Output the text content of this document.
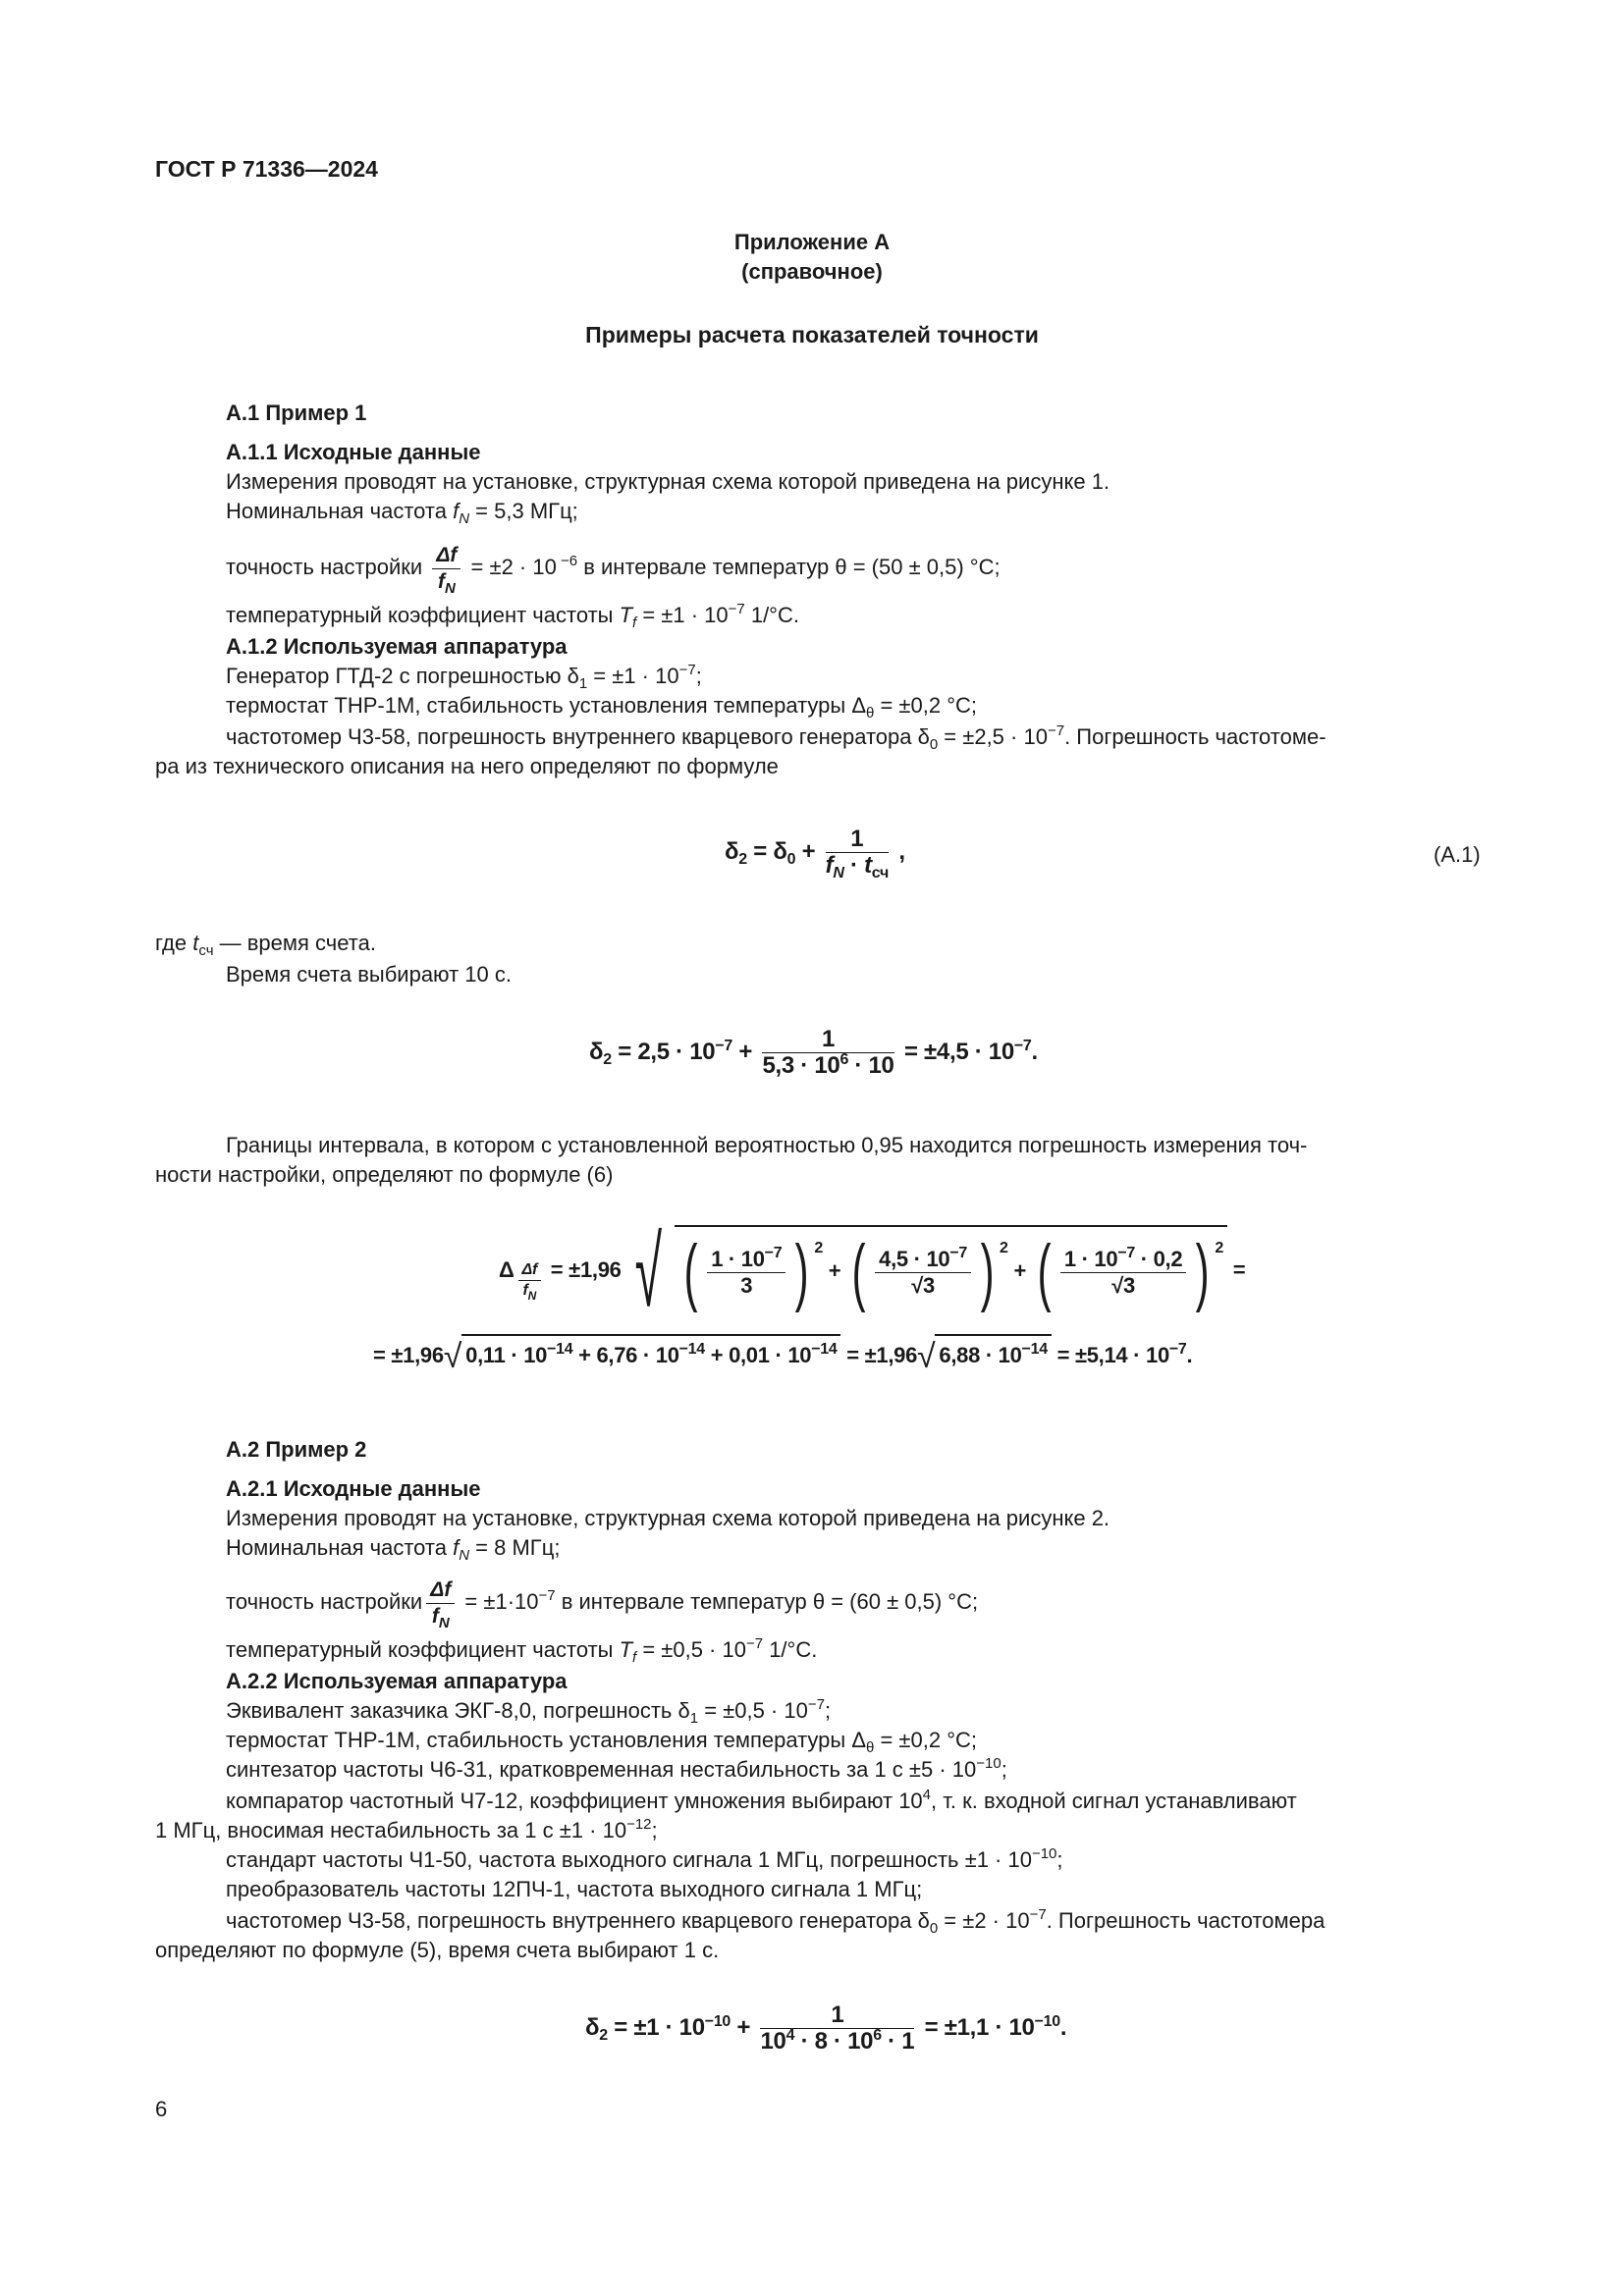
ГОСТ Р 71336—2024
Приложение А
(справочное)
Примеры расчета показателей точности
А.1 Пример 1
А.1.1 Исходные данные
Измерения проводят на установке, структурная схема которой приведена на рисунке 1.
Номинальная частота $f_N = 5,3$ МГц;
точность настройки $\frac{\Delta f}{f_N} = \pm 2 \cdot 10$ $^{-6}$ в интервале температур θ = (50 ± 0,5) °С;
температурный коэффициент частоты $T_f = \pm 1 \cdot 10^{-7}$ 1/°С.
А.1.2 Используемая аппаратура
Генератор ГТД-2 с погрешностью $\delta_1 = \pm 1 \cdot 10^{-7}$;
термостат ТНР-1М, стабильность установления температуры $\Delta_\theta = \pm 0,2$ °С;
частотомер Ч3-58, погрешность внутреннего кварцевого генератора $\delta_0 = \pm 2,5 \cdot 10^{-7}$. Погрешность частотоме-
ра из технического описания на него определяют по формуле
$\delta_2 = \delta_0 + \frac{1}{f_N \cdot t_{сч}}$ ,	(А.1)
где $t_{сч}$ — время счета.
Время счета выбирают 10 с.
$\delta_2 = 2,5 \cdot 10^{-7} + \frac{1}{5,3 \cdot 10^6 \cdot 10} = \pm 4,5 \cdot 10^{-7}$.
Границы интервала, в котором с установленной вероятностью 0,95 находится погрешность измерения точ-
ности настройки, определяют по формуле (6)
Δ $\frac{\Delta f}{f_N} = \pm 1,96$ √ ( $\frac{1 \cdot 10^{-7}}{3}$ ) $^2$ + ( $\frac{4,5 \cdot 10^{-7}}{√3}$ ) $^2$ + ( $\frac{1 \cdot 10^{-7} \cdot 0,2}{√3}$ ) $^2$ =
= ±1,96√ $0,11 \cdot 10^{-14} + 6,76 \cdot 10^{-14} + 0,01 \cdot 10^{-14} = \pm 1,96√$ $6,88 \cdot 10^{-14} = \pm 5,14 \cdot 10^{-7}$.
А.2 Пример 2
А.2.1 Исходные данные
Измерения проводят на установке, структурная схема которой приведена на рисунке 2.
Номинальная частота $f_N = 8$ МГц;
точность настройки $\frac{\Delta f}{f_N} = \pm 1\cdot 10^{-7}$ в интервале температур θ = (60 ± 0,5) °С;
температурный коэффициент частоты $T_f = \pm 0,5 \cdot 10^{-7}$ 1/°С.
А.2.2 Используемая аппаратура
Эквивалент заказчика ЭКГ-8,0, погрешность $\delta_1 = \pm 0,5 \cdot 10^{-7}$;
термостат ТНР-1М, стабильность установления температуры $\Delta_\theta = \pm 0,2$ °С;
синтезатор частоты Ч6-31, кратковременная нестабильность за 1 $с \pm 5 \cdot 10^{-10}$;
компаратор частотный Ч7-12, коэффициент умножения выбирают $10^4$, т. к. входной сигнал устанавливают
1 МГц, вносимая нестабильность за 1 $с \pm 1 \cdot 10^{-12}$;
стандарт частоты Ч1-50, частота выходного сигнала 1 МГц, погрешность $\pm 1 \cdot 10^{-10}$;
преобразователь частоты 12ПЧ-1, частота выходного сигнала 1 МГц;
частотомер Ч3-58, погрешность внутреннего кварцевого генератора $\delta_0 = \pm 2 \cdot 10^{-7}$. Погрешность частотомера
определяют по формуле (5), время счета выбирают 1 с.
$\delta_2 = \pm 1 \cdot 10^{-10} + \frac{1}{10^4 \cdot 8 \cdot 10^6 \cdot 1} = \pm 1,1 \cdot 10^{-10}$.
6
